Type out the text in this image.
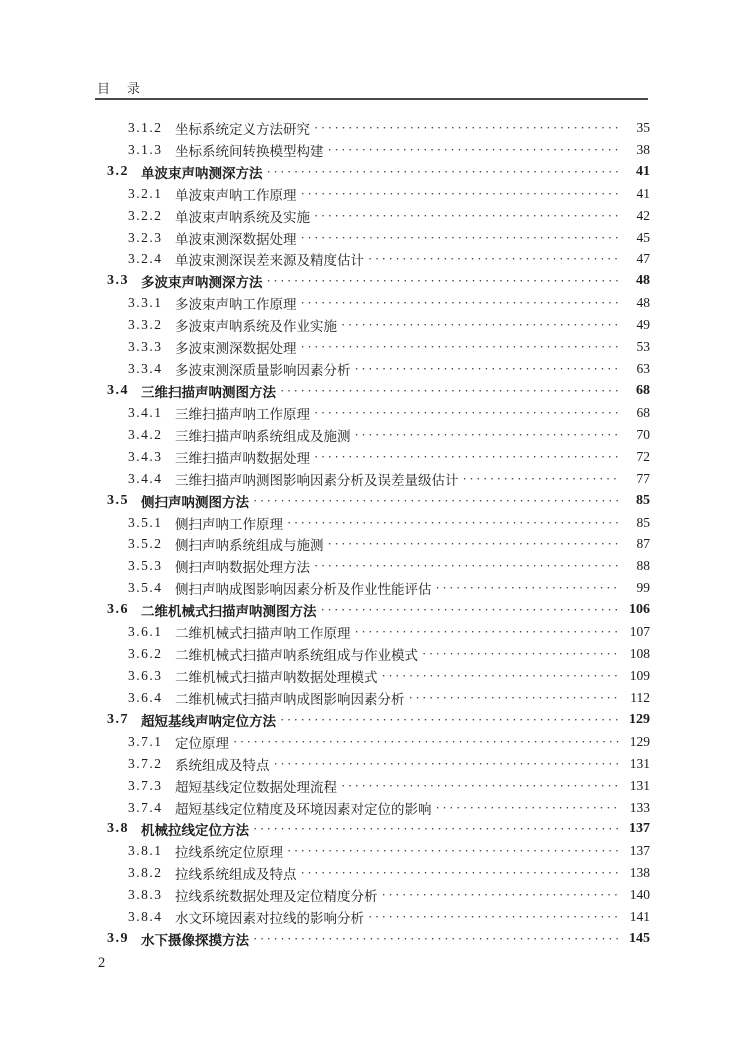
目　录
3.1.2 坐标系统定义方法研究 ·····	35
3.1.3 坐标系统间转换模型构建 ·····	38
3.2 单波束声呐测深方法 ·····	41
3.2.1 单波束声呐工作原理 ·····	41
3.2.2 单波束声呐系统及实施 ·····	42
3.2.3 单波束测深数据处理 ·····	45
3.2.4 单波束测深误差来源及精度估计 ·····	47
3.3 多波束声呐测深方法 ·····	48
3.3.1 多波束声呐工作原理 ·····	48
3.3.2 多波束声呐系统及作业实施 ·····	49
3.3.3 多波束测深数据处理 ·····	53
3.3.4 多波束测深质量影响因素分析 ·····	63
3.4 三维扫描声呐测图方法 ·····	68
3.4.1 三维扫描声呐工作原理 ·····	68
3.4.2 三维扫描声呐系统组成及施测 ·····	70
3.4.3 三维扫描声呐数据处理 ·····	72
3.4.4 三维扫描声呐测图影响因素分析及误差量级估计 ·····	77
3.5 侧扫声呐测图方法 ·····	85
3.5.1 侧扫声呐工作原理 ·····	85
3.5.2 侧扫声呐系统组成与施测 ·····	87
3.5.3 侧扫声呐数据处理方法 ·····	88
3.5.4 侧扫声呐成图影响因素分析及作业性能评估 ·····	99
3.6 二维机械式扫描声呐测图方法 ·····	106
3.6.1 二维机械式扫描声呐工作原理 ·····	107
3.6.2 二维机械式扫描声呐系统组成与作业模式 ·····	108
3.6.3 二维机械式扫描声呐数据处理模式 ·····	109
3.6.4 二维机械式扫描声呐成图影响因素分析 ·····	112
3.7 超短基线声呐定位方法 ·····	129
3.7.1 定位原理 ·····	129
3.7.2 系统组成及特点 ·····	131
3.7.3 超短基线定位数据处理流程 ·····	131
3.7.4 超短基线定位精度及环境因素对定位的影响 ·····	133
3.8 机械拉线定位方法 ·····	137
3.8.1 拉线系统定位原理 ·····	137
3.8.2 拉线系统组成及特点 ·····	138
3.8.3 拉线系统数据处理及定位精度分析 ·····	140
3.8.4 水文环境因素对拉线的影响分析 ·····	141
3.9 水下摄像探摸方法 ·····	145
2
